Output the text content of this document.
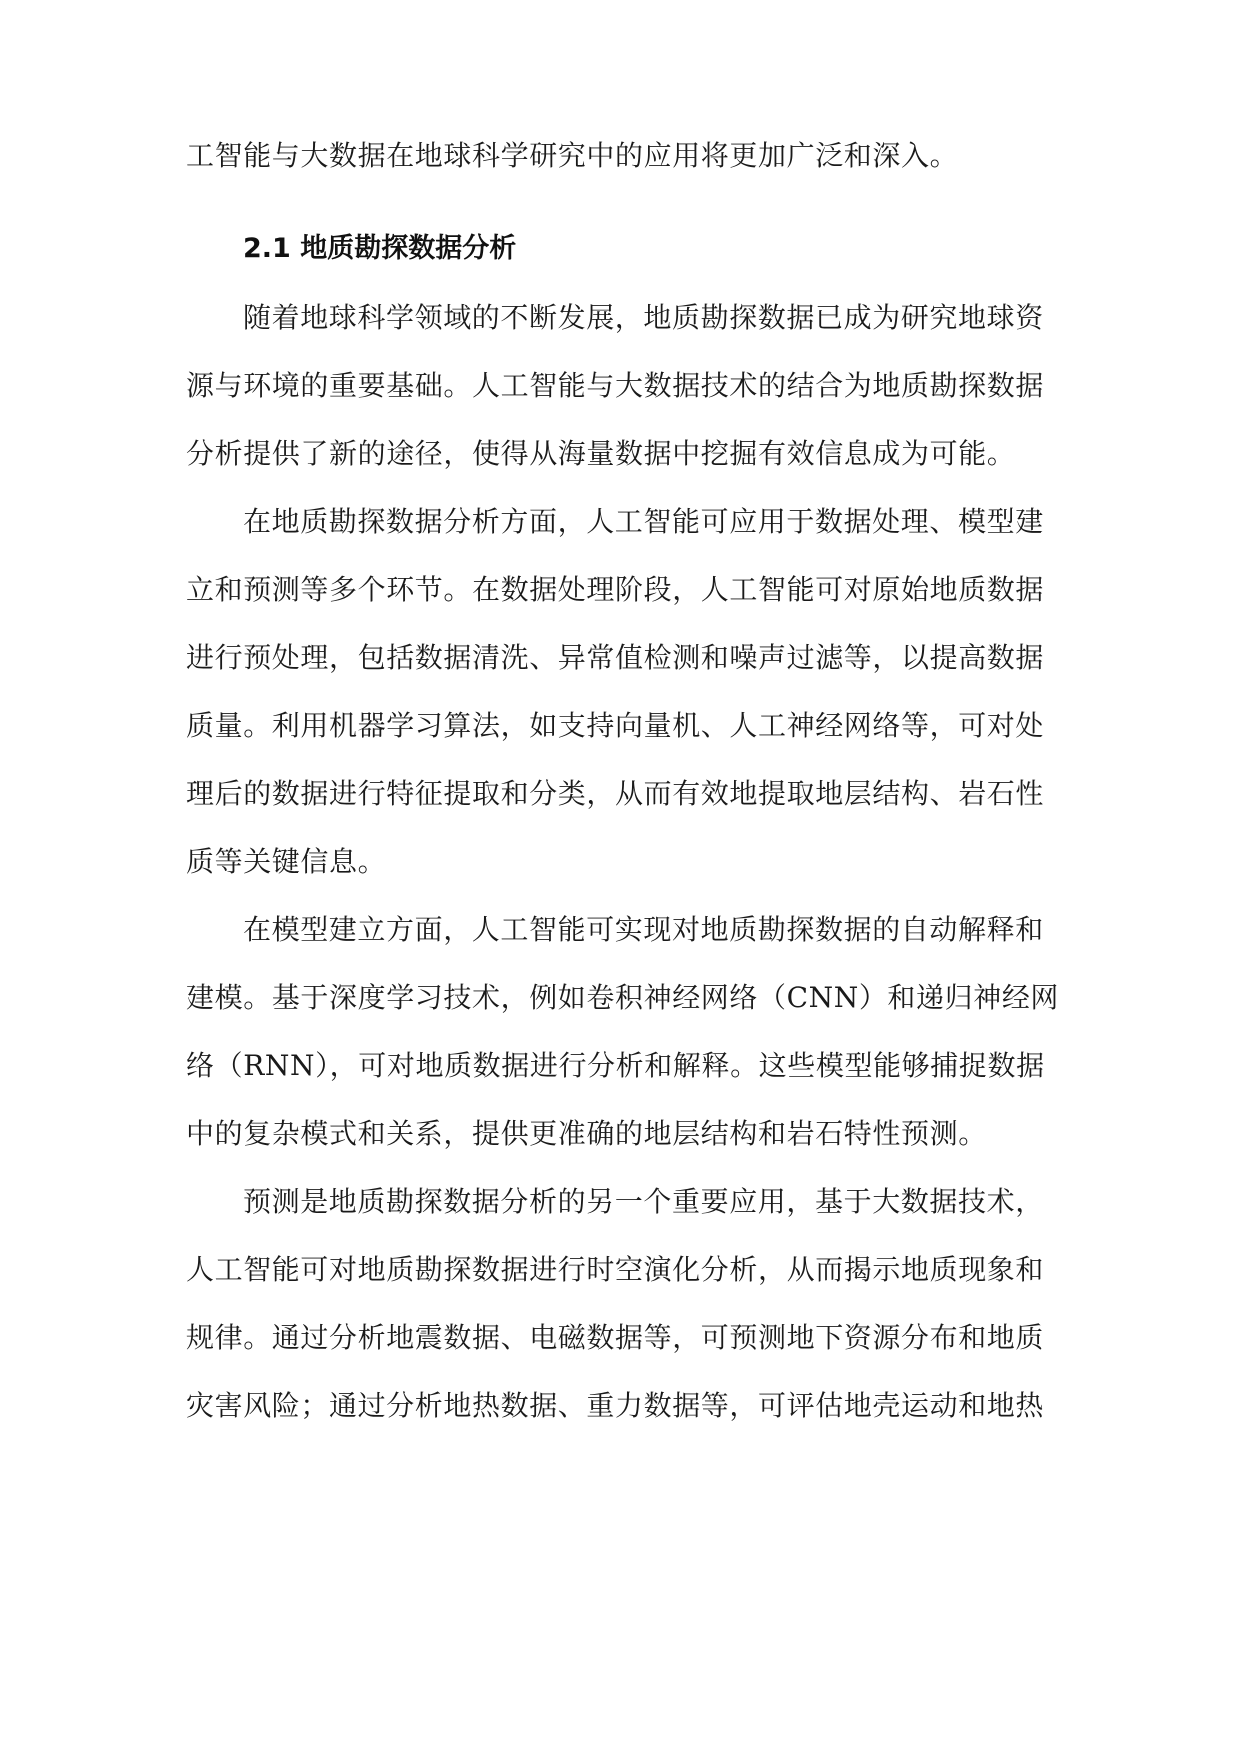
工智能与大数据在地球科学研究中的应用将更加广泛和深入。

2.1 地质勘探数据分析

随着地球科学领域的不断发展，地质勘探数据已成为研究地球资

源与环境的重要基础。人工智能与大数据技术的结合为地质勘探数据

分析提供了新的途径，使得从海量数据中挖掘有效信息成为可能。

在地质勘探数据分析方面，人工智能可应用于数据处理、模型建

立和预测等多个环节。在数据处理阶段，人工智能可对原始地质数据

进行预处理，包括数据清洗、异常值检测和噪声过滤等，以提高数据

质量。利用机器学习算法，如支持向量机、人工神经网络等，可对处

理后的数据进行特征提取和分类，从而有效地提取地层结构、岩石性

质等关键信息。

在模型建立方面，人工智能可实现对地质勘探数据的自动解释和

建模。基于深度学习技术，例如卷积神经网络（CNN）和递归神经网

络（RNN），可对地质数据进行分析和解释。这些模型能够捕捉数据

中的复杂模式和关系，提供更准确的地层结构和岩石特性预测。

预测是地质勘探数据分析的另一个重要应用，基于大数据技术，

人工智能可对地质勘探数据进行时空演化分析，从而揭示地质现象和

规律。通过分析地震数据、电磁数据等，可预测地下资源分布和地质

灾害风险；通过分析地热数据、重力数据等，可评估地壳运动和地热
